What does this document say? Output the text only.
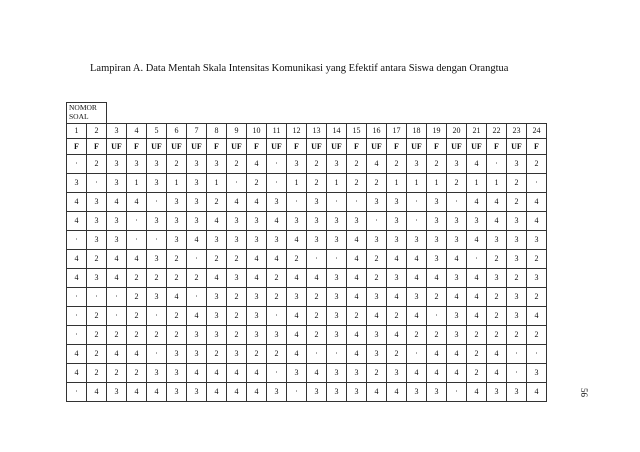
Lampiran A. Data Mentah Skala Intensitas Komunikasi yang Efektif antara Siswa dengan Orangtua
NOMOR SOAL																							
1	2	3	4	5	6	7	8	9	10	11	12	13	14	15	16	17	18	19	20	21	22	23	24
F	F	UF	F	UF	UF	UF	F	UF	F	UF	F	UF	UF	F	UF	F	UF	F	UF	UF	F	UF	F
·	2	3	3	3	2	3	3	2	4	·	3	2	3	2	4	2	3	2	3	4	·	3	2
3	·	3	1	3	1	3	1	·	2	·	1	2	1	2	2	1	1	1	2	1	1	2	·
4	3	4	4	·	3	3	2	4	4	3	·	3	·	·	3	3	·	3	·	4	4	2	4
4	3	3	·	3	3	3	4	3	3	4	3	3	3	3	·	3	·	3	3	3	4	3	4
·	3	3	·	·	3	4	3	3	3	3	4	3	3	4	3	3	3	3	3	4	3	3	3
4	2	4	4	3	2	·	2	2	4	4	2	·	·	4	2	4	4	3	4	·	2	3	2
4	3	4	2	2	2	2	4	3	4	2	4	4	3	4	2	3	4	4	3	4	3	2	3
·	·	·	2	3	4	·	3	2	3	2	3	2	3	4	3	4	3	2	4	4	2	3	2
·	2	·	2	·	2	4	3	2	3	·	4	2	3	2	4	2	4	·	3	4	2	3	4
·	2	2	2	2	2	3	3	2	3	3	4	2	3	4	3	4	2	2	3	2	2	2	2
4	2	4	4	·	3	3	2	3	2	2	4	·	·	4	3	2	·	4	4	2	4	·	·
4	2	2	2	3	3	4	4	4	4	·	3	4	3	3	2	3	4	4	4	2	4	·	3
·	4	3	4	4	3	3	4	4	4	3	·	3	3	3	4	4	3	3	·	4	3	3	4	56
